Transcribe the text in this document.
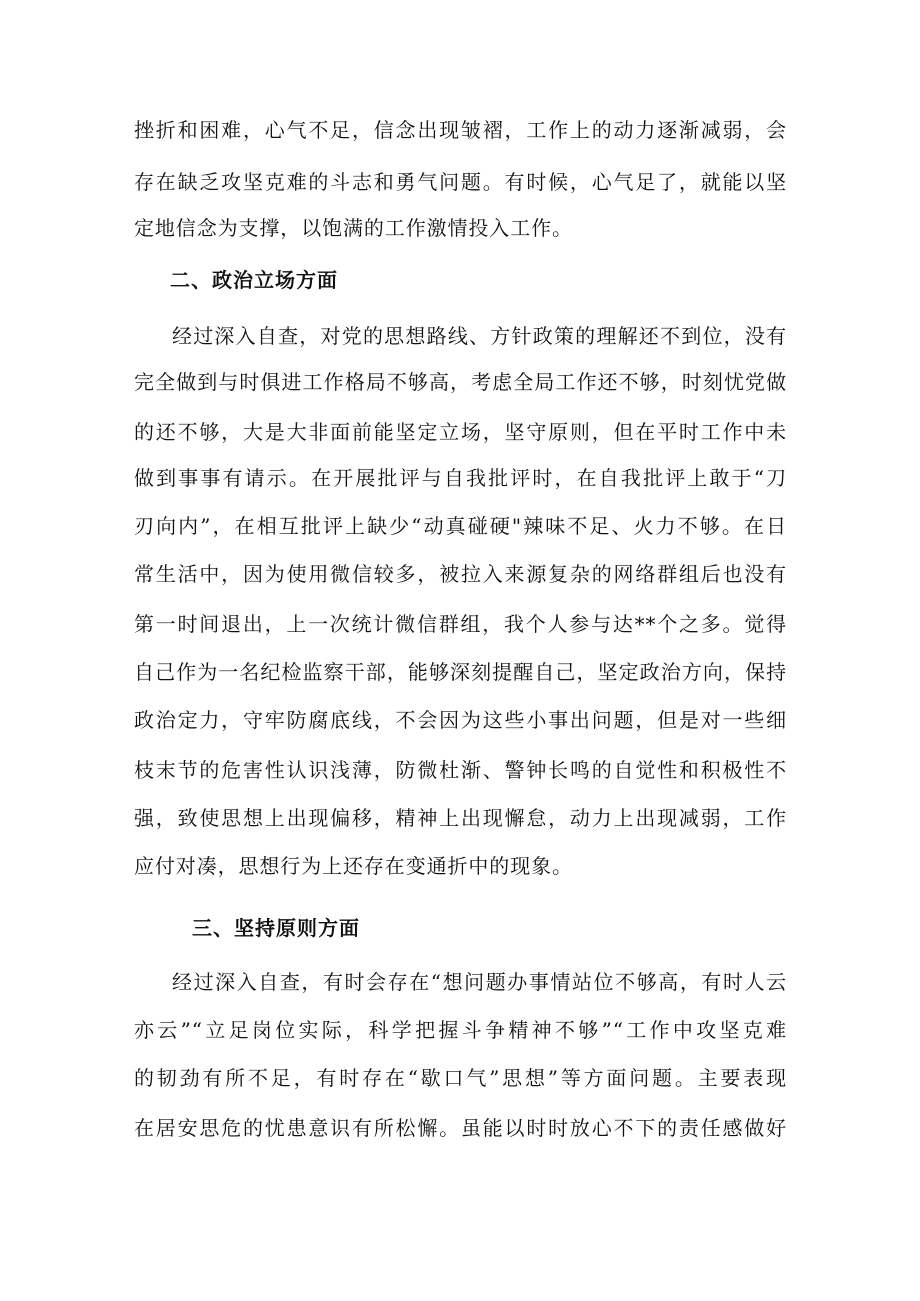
挫折和困难，心气不足，信念出现皱褶，工作上的动力逐渐减弱，会

存在缺乏攻坚克难的斗志和勇气问题。有时候，心气足了，就能以坚

定地信念为支撑，以饱满的工作激情投入工作。

二、政治立场方面

经过深入自查，对党的思想路线、方针政策的理解还不到位，没有

完全做到与时俱进工作格局不够高，考虑全局工作还不够，时刻忧党做

的还不够，大是大非面前能坚定立场，坚守原则，但在平时工作中未

做到事事有请示。在开展批评与自我批评时，在自我批评上敢于“刀

刃向内”，在相互批评上缺少“动真碰硬"辣味不足、火力不够。在日

常生活中，因为使用微信较多，被拉入来源复杂的网络群组后也没有

第一时间退出，上一次统计微信群组，我个人参与达**个之多。觉得

自己作为一名纪检监察干部，能够深刻提醒自己，坚定政治方向，保持

政治定力，守牢防腐底线，不会因为这些小事出问题，但是对一些细

枝末节的危害性认识浅薄，防微杜渐、警钟长鸣的自觉性和积极性不

强，致使思想上出现偏移，精神上出现懈怠，动力上出现减弱，工作

应付对凑，思想行为上还存在变通折中的现象。

三、坚持原则方面

经过深入自查，有时会存在“想问题办事情站位不够高，有时人云

亦云”“立足岗位实际，科学把握斗争精神不够”“工作中攻坚克难

的韧劲有所不足，有时存在“歇口气”思想”等方面问题。主要表现

在居安思危的忧患意识有所松懈。虽能以时时放心不下的责任感做好
